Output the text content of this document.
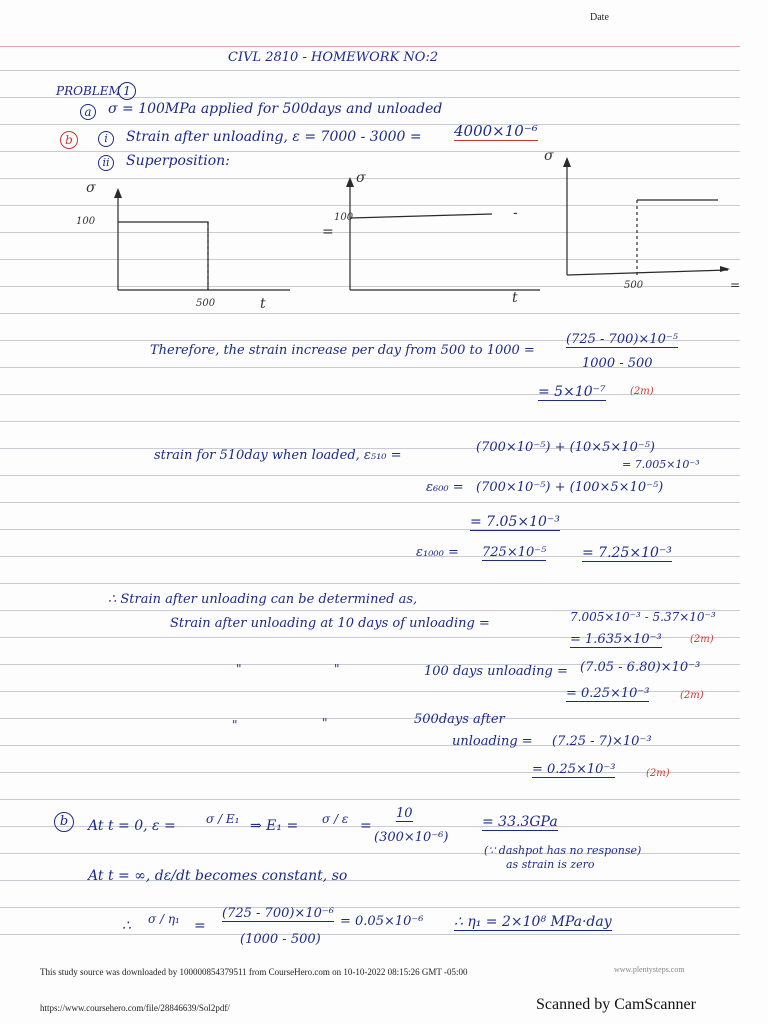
Date
CIVL 2810 - HOMEWORK NO:2
PROBLEM 1
a	σ = 100MPa applied for 500days and unloaded
b	i	Strain after unloading, ε = 7000 - 3000 = 4000×10⁻⁶
ii	Superposition:
σ
100
500	t
=
σ
100
t
-
σ
500	=
Therefore, the strain increase per day from 500 to 1000 =
(725 - 700)×10⁻⁵
1000 - 500
= 5×10⁻⁷ (2m)
strain for 510day when loaded, ε₅₁₀ =
(700×10⁻⁵) + (10×5×10⁻⁵)
= 7.005×10⁻³
ε₆₀₀ = (700×10⁻⁵) + (100×5×10⁻⁵)
= 7.05×10⁻³
ε₁₀₀₀ = 725×10⁻⁵	= 7.25×10⁻³
∴ Strain after unloading can be determined as,
Strain after unloading at 10 days of unloading =	7.005×10⁻³ - 5.37×10⁻³
= 1.635×10⁻³	(2m)
"	"	100 days unloading = (7.05 - 6.80)×10⁻³
= 0.25×10⁻³	(2m)
"	"	500days after
unloading = (7.25 - 7)×10⁻³
= 0.25×10⁻³	(2m)
b	At t = 0, ε =	σ / E₁ ⇒ E₁ = σ / ε =
10
(300×10⁻⁶)
= 33.3GPa
(∵ dashpot has no response)
as strain is zero
At t = ∞, dε/dt becomes constant, so
∴ σ / η₁ =
(725 - 700)×10⁻⁶
(1000 - 500)
= 0.05×10⁻⁶ ∴ η₁ = 2×10⁸ MPa·day
www.plentysteps.com
This study source was downloaded by 100000854379511 from CourseHero.com on 10-10-2022 08:15:26 GMT -05:00
https://www.coursehero.com/file/28846639/Sol2pdf/	Scanned by CamScanner
